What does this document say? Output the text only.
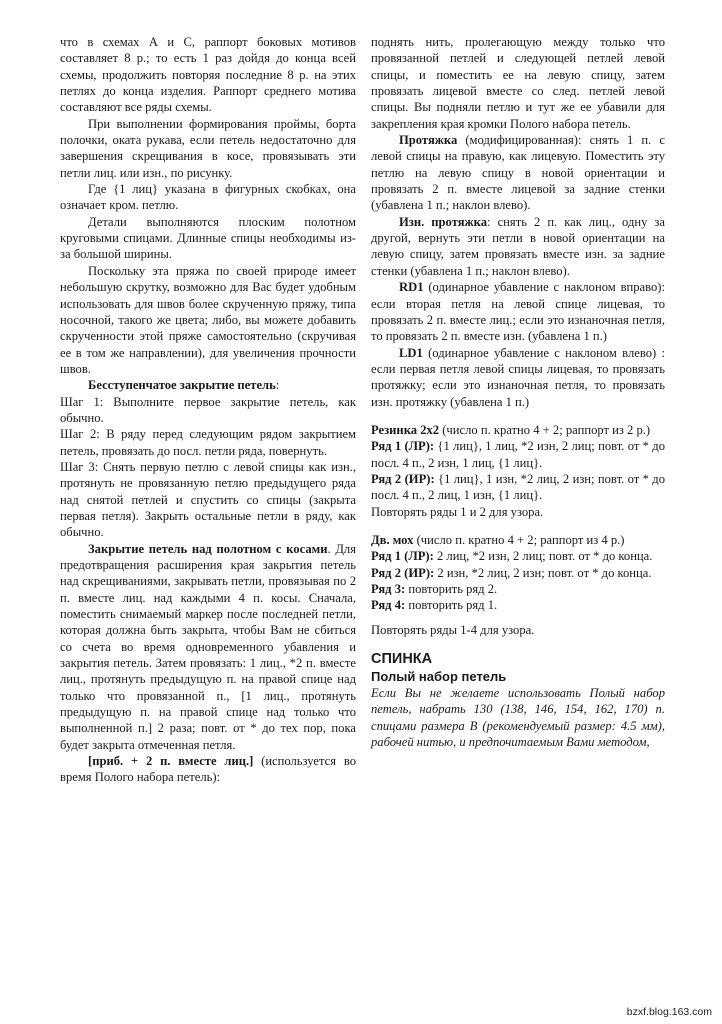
что в схемах А и С, раппорт боковых мотивов составляет 8 р.; то есть 1 раз дойдя до конца всей схемы, продолжить повторяя последние 8 р. на этих петлях до конца изделия. Раппорт среднего мотива составляют все ряды схемы.

При выполнении формирования проймы, борта полочки, оката рукава, если петель недостаточно для завершения скрещивания в косе, провязывать эти петли лиц. или изн., по рисунку.

Где {1 лиц} указана в фигурных скобках, она означает кром. петлю.

Детали выполняются плоским полотном круговыми спицами. Длинные спицы необходимы из-за большой ширины.

Поскольку эта пряжа по своей природе имеет небольшую скрутку, возможно для Вас будет удобным использовать для швов более скрученную пряжу, типа носочной, такого же цвета; либо, вы можете добавить скрученности этой пряже самостоятельно (скручивая ее в том же направлении), для увеличения прочности швов.

Бесступенчатое закрытие петель:

Шаг 1: Выполните первое закрытие петель, как обычно.

Шаг 2: В ряду перед следующим рядом закрытием петель, провязать до посл. петли ряда, повернуть.

Шаг 3: Снять первую петлю с левой спицы как изн., протянуть не провязанную петлю предыдущего ряда над снятой петлей и спустить со спицы (закрыта первая петля). Закрыть остальные петли в ряду, как обычно.

Закрытие петель над полотном с косами. Для предотвращения расширения края закрытия петель над скрещиваниями, закрывать петли, провязывая по 2 п. вместе лиц. над каждыми 4 п. косы. Сначала, поместить снимаемый маркер после последней петли, которая должна быть закрыта, чтобы Вам не сбиться со счета во время одновременного убавления и закрытия петель. Затем провязать: 1 лиц., *2 п. вместе лиц., протянуть предыдущую п. на правой спице над только что провязанной п., [1 лиц., протянуть предыдущую п. на правой спице над только что выполненной п.] 2 раза; повт. от * до тех пор, пока будет закрыта отмеченная петля.

[приб. + 2 п. вместе лиц.] (используется во время Полого набора петель):

поднять нить, пролегающую между только что провязанной петлей и следующей петлей левой спицы, и поместить ее на левую спицу, затем провязать лицевой вместе со след. петлей левой спицы. Вы подняли петлю и тут же ее убавили для закрепления края кромки Полого набора петель.

Протяжка (модифицированная): снять 1 п. с левой спицы на правую, как лицевую. Поместить эту петлю на левую спицу в новой ориентации и провязать 2 п. вместе лицевой за задние стенки (убавлена 1 п.; наклон влево).

Изн. протяжка: снять 2 п. как лиц., одну за другой, вернуть эти петли в новой ориентации на левую спицу, затем провязать вместе изн. за задние стенки (убавлена 1 п.; наклон влево).

RD1 (одинарное убавление с наклоном вправо): если вторая петля на левой спице лицевая, то провязать 2 п. вместе лиц.; если это изнаночная петля, то провязать 2 п. вместе изн. (убавлена 1 п.)

LD1 (одинарное убавление с наклоном влево) : если первая петля левой спицы лицевая, то провязать протяжку; если это изнаночная петля, то провязать изн. протяжку (убавлена 1 п.)

Резинка 2х2 (число п. кратно 4 + 2; раппорт из 2 р.)

Ряд 1 (ЛР): {1 лиц}, 1 лиц, *2 изн, 2 лиц; повт. от * до посл. 4 п., 2 изн, 1 лиц, {1 лиц}.

Ряд 2 (ИР): {1 лиц}, 1 изн, *2 лиц, 2 изн; повт. от * до посл. 4 п., 2 лиц, 1 изн, {1 лиц}.

Повторять ряды 1 и 2 для узора.

Дв. мох (число п. кратно 4 + 2; раппорт из 4 р.)

Ряд 1 (ЛР): 2 лиц, *2 изн, 2 лиц; повт. от * до конца.

Ряд 2 (ИР): 2 изн, *2 лиц, 2 изн; повт. от * до конца.

Ряд 3: повторить ряд 2.

Ряд 4: повторить ряд 1.

Повторять ряды 1-4 для узора.

СПИНКА

Полый набор петель

Если Вы не желаете использовать Полый набор петель, набрать 130 (138, 146, 154, 162, 170) п. спицами размера В (рекомендуемый размер: 4.5 мм), рабочей нитью, и предпочитаемым Вами методом,

bzxf.blog.163.com
